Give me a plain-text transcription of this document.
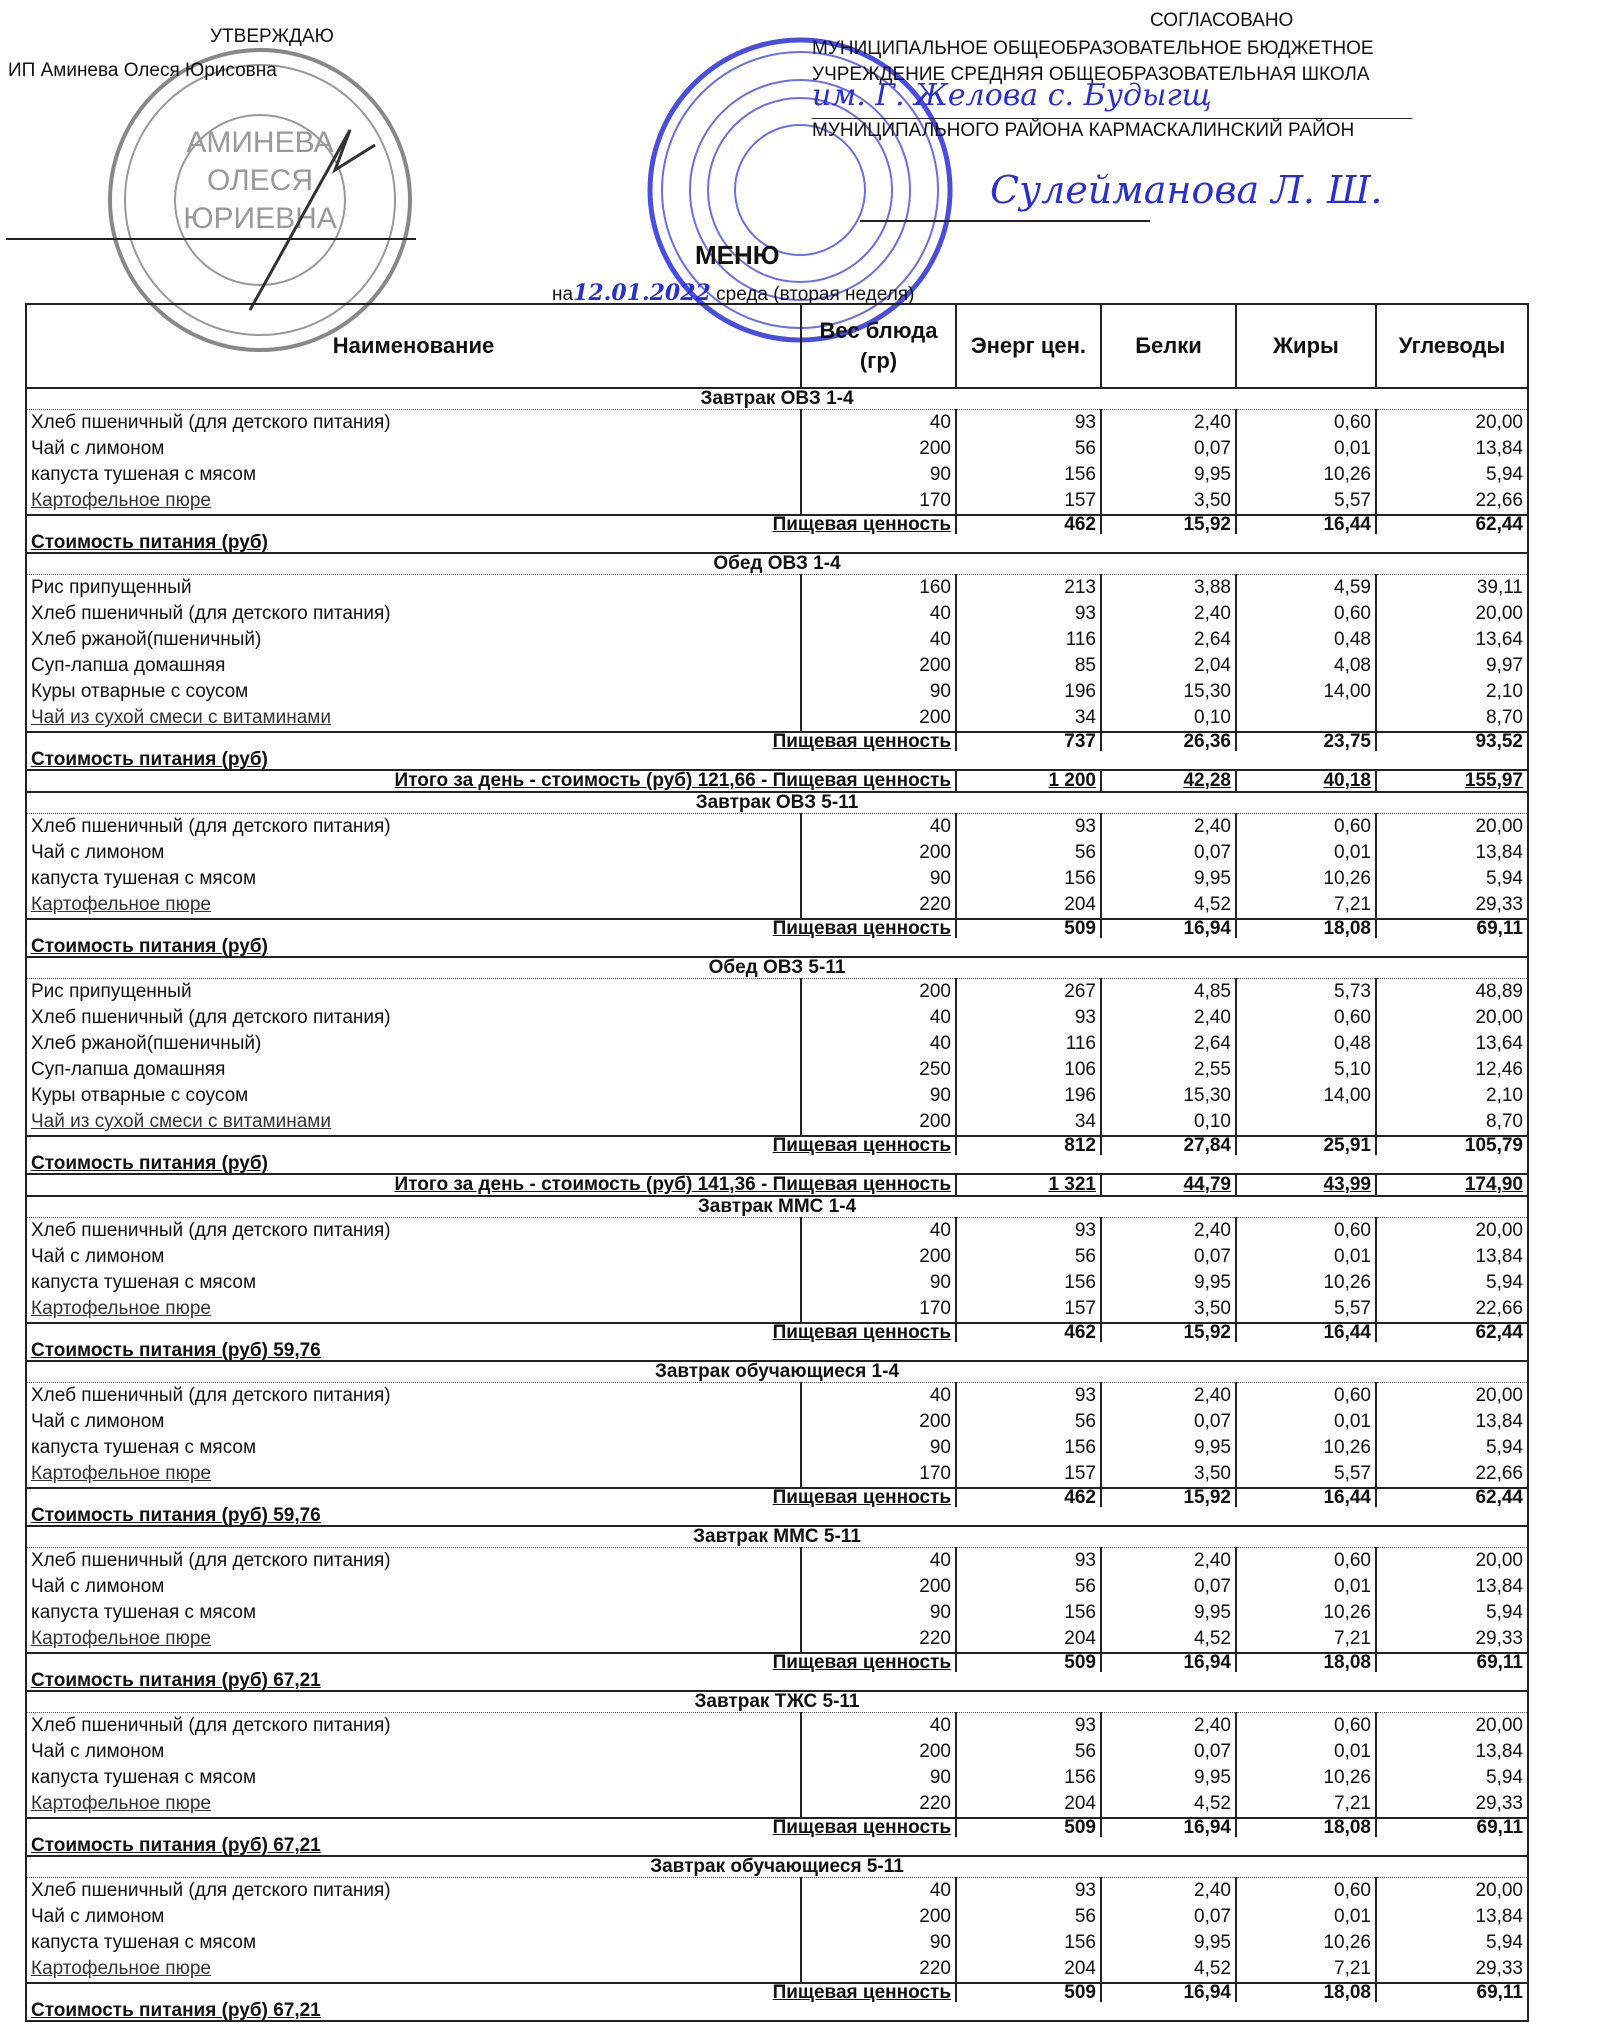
АМИНЕВА
ОЛЕСЯ
ЮРИЕВНА
УТВЕРЖДАЮ
ИП Аминева Олеся Юрисовна
СОГЛАСОВАНО
МУНИЦИПАЛЬНОЕ ОБЩЕОБРАЗОВАТЕЛЬНОЕ БЮДЖЕТНОЕ
УЧРЕЖДЕНИЕ СРЕДНЯЯ ОБЩЕОБРАЗОВАТЕЛЬНАЯ ШКОЛА
им. Г. Желова с. Будыгщ
МУНИЦИПАЛЬНОГО РАЙОНА КАРМАСКАЛИНСКИЙ РАЙОН
Сулейманова Л. Ш.
МЕНЮ
на12.01.2022 среда (вторая неделя)
Наименование	Вес блюда (гр)	Энерг цен.	Белки	Жиры	Углеводы
Завтрак ОВЗ 1-4					
Хлеб пшеничный (для детского питания)	40	93	2,40	0,60	20,00
Чай с лимоном	200	56	0,07	0,01	13,84
капуста тушеная с мясом	90	156	9,95	10,26	5,94
Картофельное пюре	170	157	3,50	5,57	22,66
Пищевая ценность		462	15,92	16,44	62,44
Стоимость питания (руб)					
Обед ОВЗ 1-4					
Рис припущенный	160	213	3,88	4,59	39,11
Хлеб пшеничный (для детского питания)	40	93	2,40	0,60	20,00
Хлеб ржаной(пшеничный)	40	116	2,64	0,48	13,64
Суп-лапша домашняя	200	85	2,04	4,08	9,97
Куры отварные с соусом	90	196	15,30	14,00	2,10
Чай из сухой смеси с витаминами	200	34	0,10		8,70
Пищевая ценность		737	26,36	23,75	93,52
Стоимость питания (руб)					
Итого за день - стоимость (руб) 121,66 - Пищевая ценность		1 200	42,28	40,18	155,97
Завтрак ОВЗ 5-11					
Хлеб пшеничный (для детского питания)	40	93	2,40	0,60	20,00
Чай с лимоном	200	56	0,07	0,01	13,84
капуста тушеная с мясом	90	156	9,95	10,26	5,94
Картофельное пюре	220	204	4,52	7,21	29,33
Пищевая ценность		509	16,94	18,08	69,11
Стоимость питания (руб)					
Обед ОВЗ 5-11					
Рис припущенный	200	267	4,85	5,73	48,89
Хлеб пшеничный (для детского питания)	40	93	2,40	0,60	20,00
Хлеб ржаной(пшеничный)	40	116	2,64	0,48	13,64
Суп-лапша домашняя	250	106	2,55	5,10	12,46
Куры отварные с соусом	90	196	15,30	14,00	2,10
Чай из сухой смеси с витаминами	200	34	0,10		8,70
Пищевая ценность		812	27,84	25,91	105,79
Стоимость питания (руб)					
Итого за день - стоимость (руб) 141,36 - Пищевая ценность		1 321	44,79	43,99	174,90
Завтрак ММС 1-4					
Хлеб пшеничный (для детского питания)	40	93	2,40	0,60	20,00
Чай с лимоном	200	56	0,07	0,01	13,84
капуста тушеная с мясом	90	156	9,95	10,26	5,94
Картофельное пюре	170	157	3,50	5,57	22,66
Пищевая ценность		462	15,92	16,44	62,44
Стоимость питания (руб) 59,76					
Завтрак обучающиеся 1-4					
Хлеб пшеничный (для детского питания)	40	93	2,40	0,60	20,00
Чай с лимоном	200	56	0,07	0,01	13,84
капуста тушеная с мясом	90	156	9,95	10,26	5,94
Картофельное пюре	170	157	3,50	5,57	22,66
Пищевая ценность		462	15,92	16,44	62,44
Стоимость питания (руб) 59,76					
Завтрак ММС 5-11					
Хлеб пшеничный (для детского питания)	40	93	2,40	0,60	20,00
Чай с лимоном	200	56	0,07	0,01	13,84
капуста тушеная с мясом	90	156	9,95	10,26	5,94
Картофельное пюре	220	204	4,52	7,21	29,33
Пищевая ценность		509	16,94	18,08	69,11
Стоимость питания (руб) 67,21					
Завтрак ТЖС 5-11					
Хлеб пшеничный (для детского питания)	40	93	2,40	0,60	20,00
Чай с лимоном	200	56	0,07	0,01	13,84
капуста тушеная с мясом	90	156	9,95	10,26	5,94
Картофельное пюре	220	204	4,52	7,21	29,33
Пищевая ценность		509	16,94	18,08	69,11
Стоимость питания (руб) 67,21					
Завтрак обучающиеся 5-11					
Хлеб пшеничный (для детского питания)	40	93	2,40	0,60	20,00
Чай с лимоном	200	56	0,07	0,01	13,84
капуста тушеная с мясом	90	156	9,95	10,26	5,94
Картофельное пюре	220	204	4,52	7,21	29,33
Пищевая ценность		509	16,94	18,08	69,11
Стоимость питания (руб) 67,21					
